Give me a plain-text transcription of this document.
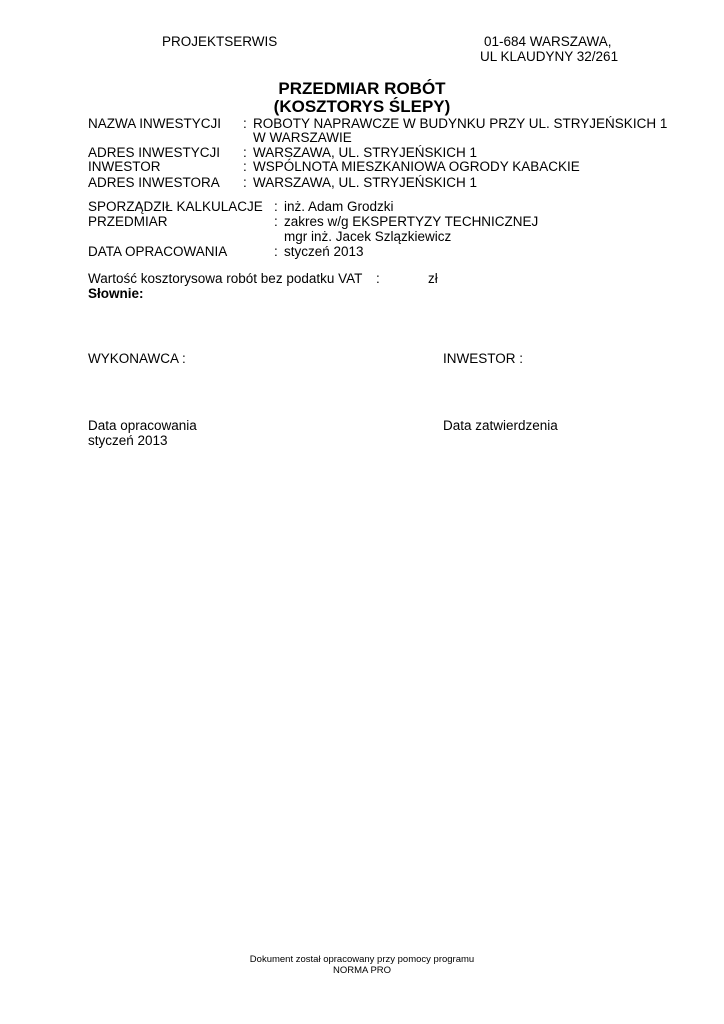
PROJEKTSERWIS	01-684 WARSZAWA,
UL KLAUDYNY 32/261
PRZEDMIAR ROBÓT
(KOSZTORYS ŚLEPY)
NAZWA INWESTYCJI : ROBOTY NAPRAWCZE W BUDYNKU PRZY UL. STRYJEŃSKICH 1
W WARSZAWIE
ADRES INWESTYCJI : WARSZAWA, UL. STRYJEŃSKICH 1
INWESTOR	: WSPÓLNOTA MIESZKANIOWA OGRODY KABACKIE
ADRES INWESTORA : WARSZAWA, UL. STRYJEŃSKICH 1
SPORZĄDZIŁ KALKULACJE : inż. Adam Grodzki
PRZEDMIAR	: zakres w/g EKSPERTYZY TECHNICZNEJ
mgr inż. Jacek Szlązkiewicz
DATA OPRACOWANIA	: styczeń 2013
Wartość kosztorysowa robót bez podatku VAT :	zł
Słownie:
WYKONAWCA :	INWESTOR :
Data opracowania
styczeń 2013
Data zatwierdzenia
Dokument został opracowany przy pomocy programu
NORMA PRO
